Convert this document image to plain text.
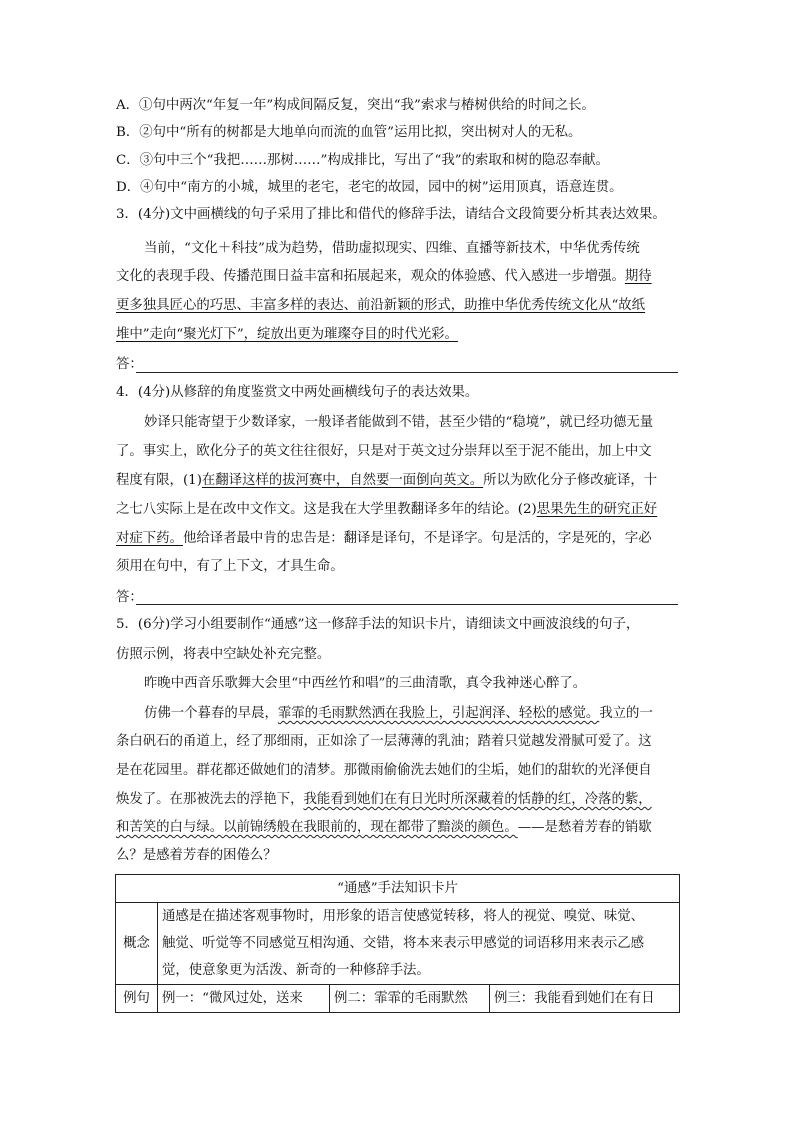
A．①句中两次“年复一年”构成间隔反复，突出“我”索求与椿树供给的时间之长。
B．②句中“所有的树都是大地单向而流的血管”运用比拟，突出树对人的无私。
C．③句中三个“我把……那树……”构成排比，写出了“我”的索取和树的隐忍奉献。
D．④句中“南方的小城，城里的老宅，老宅的故园，园中的树”运用顶真，语意连贯。
3．(4分)文中画横线的句子采用了排比和借代的修辞手法，请结合文段简要分析其表达效果。
当前，“文化＋科技”成为趋势，借助虚拟现实、四维、直播等新技术，中华优秀传统
文化的表现手段、传播范围日益丰富和拓展起来，观众的体验感、代入感进一步增强。期待
更多独具匠心的巧思、丰富多样的表达、前沿新颖的形式，助推中华优秀传统文化从“故纸
堆中”走向“聚光灯下”，绽放出更为璀璨夺目的时代光彩。
答：
4．(4分)从修辞的角度鉴赏文中两处画横线句子的表达效果。
妙译只能寄望于少数译家，一般译者能做到不错，甚至少错的“稳境”，就已经功德无量
了。事实上，欧化分子的英文往往很好，只是对于英文过分崇拜以至于泥不能出，加上中文
程度有限，(1)在翻译这样的拔河赛中，自然要一面倒向英文。所以为欧化分子修改疵译，十
之七八实际上是在改中文作文。这是我在大学里教翻译多年的结论。(2)思果先生的研究正好
对症下药。他给译者最中肯的忠告是：翻译是译句，不是译字。句是活的，字是死的，字必
须用在句中，有了上下文，才具生命。
答：
5．(6分)学习小组要制作“通感”这一修辞手法的知识卡片，请细读文中画波浪线的句子，
仿照示例，将表中空缺处补充完整。
昨晚中西音乐歌舞大会里“中西丝竹和唱”的三曲清歌，真令我神迷心醉了。
仿佛一个暮春的早晨，霏霏的毛雨默然洒在我脸上，引起润泽、轻松的感觉。我立的一
条白矾石的甬道上，经了那细雨，正如涂了一层薄薄的乳油；踏着只觉越发滑腻可爱了。这
是在花园里。群花都还做她们的清梦。那微雨偷偷洗去她们的尘垢，她们的甜软的光泽便自
焕发了。在那被洗去的浮艳下，我能看到她们在有日光时所深藏着的恬静的红，冷落的紫，
和苦笑的白与绿。以前锦绣般在我眼前的，现在都带了黯淡的颜色。——是愁着芳春的销歇
么？是感着芳春的困倦么？
“通感”手法知识卡片			
概念	通感是在描述客观事物时，用形象的语言使感觉转移，将人的视觉、嗅觉、味觉、
触觉、听觉等不同感觉互相沟通、交错，将本来表示甲感觉的词语移用来表示乙感
觉，使意象更为活泼、新奇的一种修辞手法。		

例句	例一：“微风过处，送来	例二：霏霏的毛雨默然	例三：我能看到她们在有日
